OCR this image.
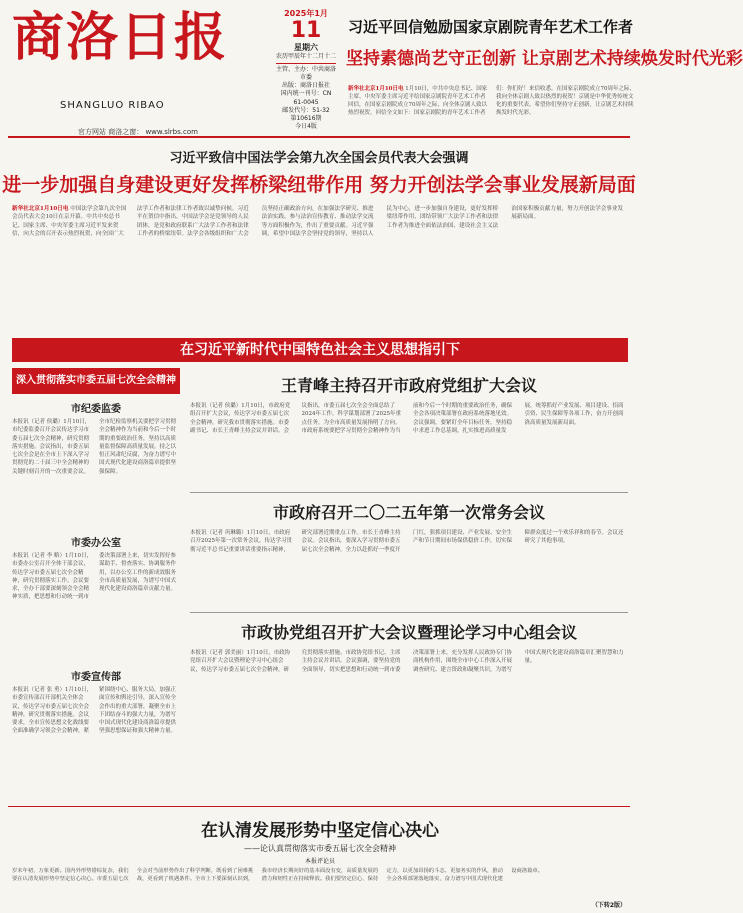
商洛日报
SHANGLUO RIBAO
官方网站 商洛之窗： www.slrbs.com
2025年1月
11
星期六
农历甲辰年十二月十二
主管、主办：中共商洛市委
出版：商洛日报社
国内统一刊号：CN 61-0045
邮发代号：51-32
第10616期
今日4版
习近平回信勉励国家京剧院青年艺术工作者
坚持素德尚艺守正创新 让京剧艺术持续焕发时代光彩
新华社北京1月10日电 1月10日，中共中央总书记、国家主席、中央军委主席习近平给国家京剧院青年艺术工作者回信，在国家京剧院成立70周年之际，向全体京剧人致以热烈祝贺。回信全文如下：国家京剧院的青年艺术工作者们：你们好！来信收悉。在国家京剧院成立70周年之际，我向全体京剧人致以热烈的祝贺！京剧是中华优秀传统文化的重要代表。希望你们坚持守正创新，让京剧艺术持续焕发时代光彩。
习近平致信中国法学会第九次全国会员代表大会强调
进一步加强自身建设更好发挥桥梁纽带作用 努力开创法学会事业发展新局面
新华社北京1月10日电 中国法学会第九次全国会员代表大会10日在京开幕。中共中央总书记、国家主席、中央军委主席习近平发来贺信，向大会的召开表示热烈祝贺，向全国广大法学工作者和法律工作者致以诚挚问候。习近平在贺信中指出，中国法学会是党领导的人民团体，是党和政府联系广大法学工作者和法律工作者的桥梁纽带。法学会各级组织和广大会员坚持正确政治方向，在加强法学研究、推进法治实践、参与法治宣传教育、推动法学交流等方面积极作为，作出了重要贡献。习近平强调，希望中国法学会坚持党的领导，坚持以人民为中心，进一步加强自身建设，更好发挥桥梁纽带作用，团结带领广大法学工作者和法律工作者为推进全面依法治国、建设社会主义法治国家积极贡献力量，努力开创法学会事业发展新局面。
在习近平新时代中国特色社会主义思想指引下
深入贯彻落实市委五届七次全会精神
市纪委监委
本报讯（记者 侯璐）1月10日，市纪委监委召开会议传达学习市委五届七次全会精神，研究贯彻落实措施。会议指出，市委五届七次全会是在全市上下深入学习贯彻党的二十届三中全会精神的关键时刻召开的一次重要会议。全市纪检监察机关要把学习贯彻全会精神作为当前和今后一个时期的重要政治任务，坚持以高质量监督保障高质量发展，持之以恒正风肃纪反腐，为奋力谱写中国式现代化建设商洛篇章提供坚强保障。
市委办公室
本报讯（记者 李 略）1月10日，市委办公室召开全体干部会议，传达学习市委五届七次全会精神，研究贯彻落实工作。会议要求，全办干部要深刻领会全会精神实质，把思想和行动统一到市委决策部署上来，切实发挥好参谋助手、督查落实、协调服务作用，以办公室工作的新成效服务全市高质量发展，为谱写中国式现代化建设商洛篇章贡献力量。
市委宣传部
本报讯（记者 张 勇）1月10日，市委宣传部召开部机关全体会议，传达学习市委五届七次全会精神，研究贯彻落实措施。会议要求，全市宣传思想文化战线要全面准确学习领会全会精神，紧紧围绕中心、服务大局，加强正面宣传和舆论引导，深入宣传全会作出的重大部署，凝聚全市上下团结奋斗的强大力量，为谱写中国式现代化建设商洛篇章提供坚强思想保证和强大精神力量。
王青峰主持召开市政府党组扩大会议
本报讯（记者 侯璐）1月10日，市政府党组召开扩大会议，传达学习市委五届七次全会精神，研究我市贯彻落实措施。市委副书记、市长王青峰主持会议并讲话。会议指出，市委五届七次全会全面总结了2024年工作，科学谋划部署了2025年重点任务，为全市高质量发展指明了方向。市政府系统要把学习贯彻全会精神作为当前和今后一个时期的重要政治任务，确保全会各项决策部署在政府系统落地见效。会议强调，要紧盯全年目标任务，坚持稳中求进工作总基调，扎实推进高质量发展，统筹抓好产业发展、项目建设、招商引资、民生保障等各项工作，奋力开创商洛高质量发展新局面。
市政府召开二〇二五年第一次常务会议
本报讯（记者 巩琳璐）1月10日，市政府召开2025年第一次常务会议，传达学习贯彻习近平总书记重要讲话重要指示精神，研究部署近期重点工作。市长王青峰主持会议。会议指出，要深入学习贯彻市委五届七次全会精神，全力以赴抓好一季度开门红，狠抓项目建设、产业发展、安全生产和节日期间市场保供稳价工作，切实保障群众度过一个欢乐祥和的春节。会议还研究了其他事项。
市政协党组召开扩大会议暨理论学习中心组会议
本报讯（记者 郭美丽）1月10日，市政协党组召开扩大会议暨理论学习中心组会议，传达学习市委五届七次全会精神，研究贯彻落实措施。市政协党组书记、主席主持会议并讲话。会议强调，要坚持党的全面领导，切实把思想和行动统一到市委决策部署上来，充分发挥人民政协专门协商机构作用，围绕全市中心工作深入开展调查研究、建言资政和凝聚共识，为谱写中国式现代化建设商洛篇章汇聚智慧和力量。
在认清发展形势中坚定信心决心
——论认真贯彻落实市委五届七次全会精神
本报评论员
岁末年初，万象更新。国内外形势错综复杂，我们要在认清发展形势中坚定信心决心。市委五届七次全会对当前形势作出了科学判断，既看到了困难挑战，更看到了机遇条件。全市上下要深刻认识到，我市经济长期向好的基本面没有变，高质量发展的潜力和韧性正在持续释放。我们要坚定信心、保持定力，以更加昂扬的斗志、更加务实的作风，推动全会各项部署落地落实，奋力谱写中国式现代化建设商洛篇章。
（下转2版）
